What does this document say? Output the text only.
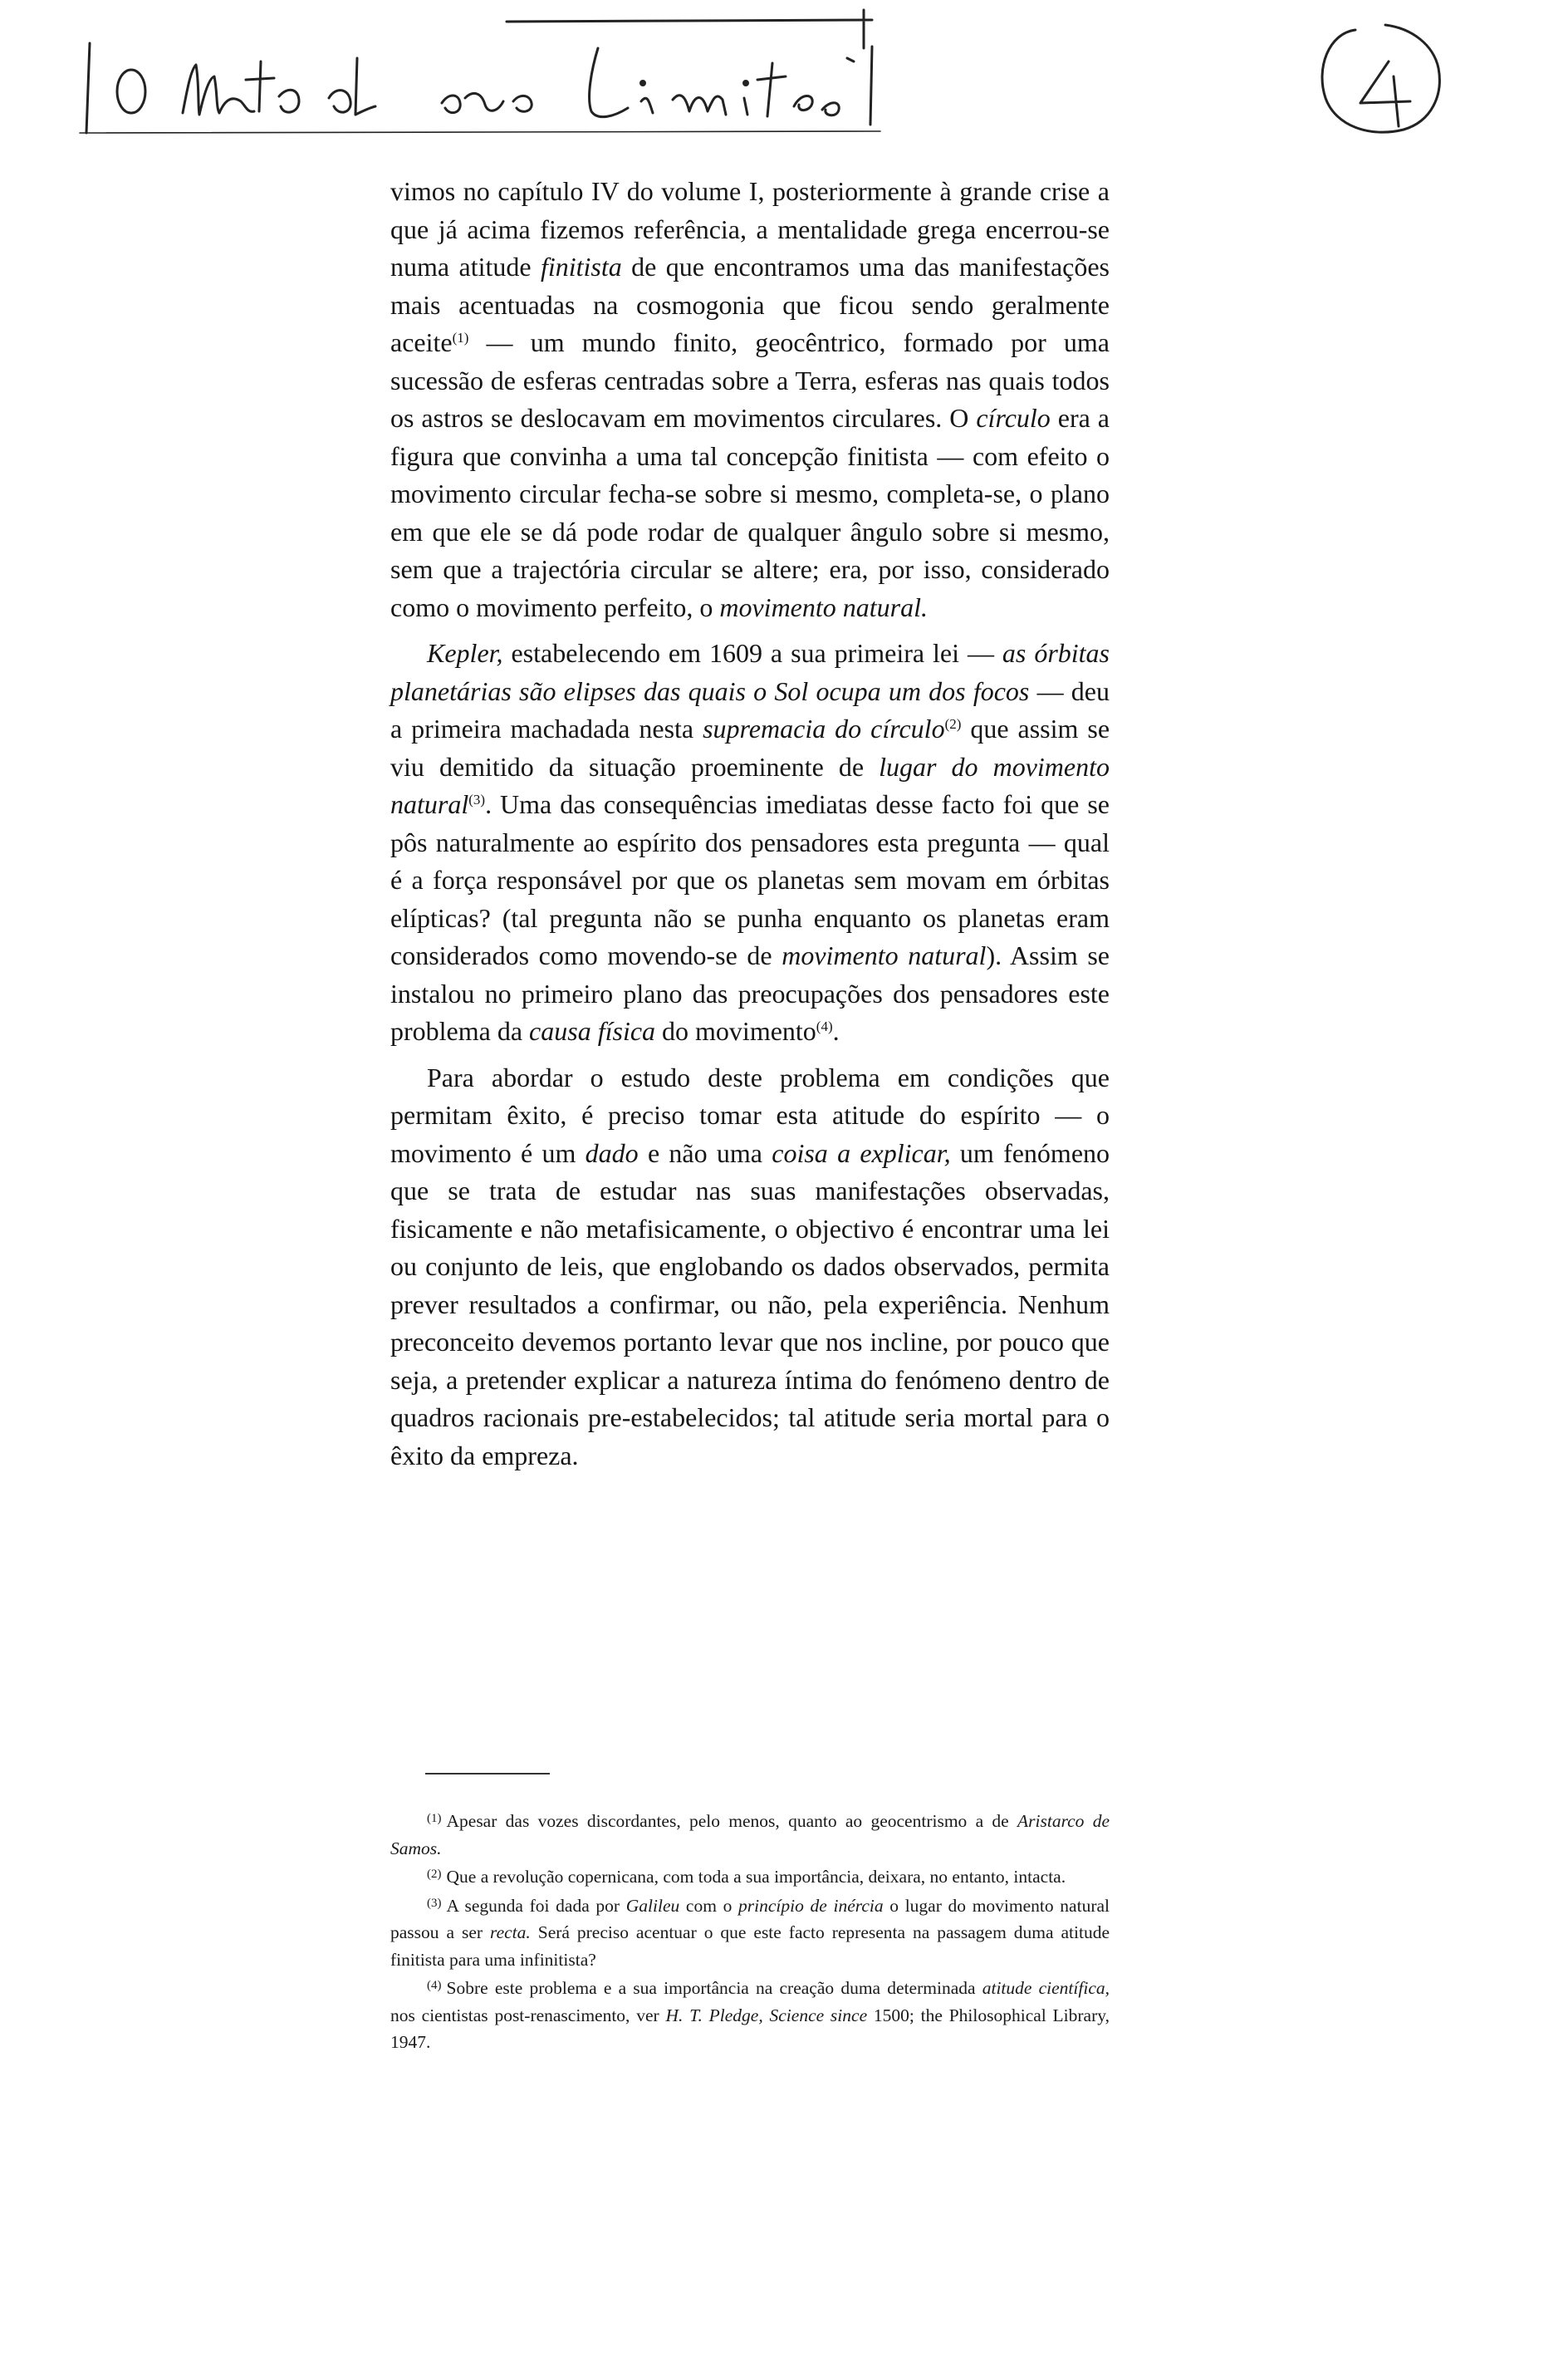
vimos no capítulo IV do volume I, posteriormente à grande crise a que já acima fizemos referência, a mentalidade grega encerrou-se numa atitude finitista de que encontramos uma das manifestações mais acentuadas na cosmogonia que ficou sendo geralmente aceite$^{(1)}$ — um mundo finito, geocêntrico, formado por uma sucessão de esferas centradas sobre a Terra, esferas nas quais todos os astros se deslocavam em movimentos circulares. O círculo era a figura que convinha a uma tal concepção finitista — com efeito o movimento circular fecha-se sobre si mesmo, completa-se, o plano em que ele se dá pode rodar de qualquer ângulo sobre si mesmo, sem que a trajectória circular se altere; era, por isso, considerado como o movimento perfeito, o movimento natural.

Kepler, estabelecendo em 1609 a sua primeira lei — as órbitas planetárias são elipses das quais o Sol ocupa um dos focos — deu a primeira machadada nesta supremacia do círculo$^{(2)}$ que assim se viu demitido da situação proeminente de lugar do movimento natural$^{(3)}$. Uma das consequências imediatas desse facto foi que se pôs naturalmente ao espírito dos pensadores esta pregunta — qual é a força responsável por que os planetas sem movam em órbitas elípticas? (tal pregunta não se punha enquanto os planetas eram considerados como movendo-se de movimento natural). Assim se instalou no primeiro plano das preocupações dos pensadores este problema da causa física do movimento$^{(4)}$.

Para abordar o estudo deste problema em condições que permitam êxito, é preciso tomar esta atitude do espírito — o movimento é um dado e não uma coisa a explicar, um fenómeno que se trata de estudar nas suas manifestações observadas, fisicamente e não metafisicamente, o objectivo é encontrar uma lei ou conjunto de leis, que englobando os dados observados, permita prever resultados a confirmar, ou não, pela experiência. Nenhum preconceito devemos portanto levar que nos incline, por pouco que seja, a pretender explicar a natureza íntima do fenómeno dentro de quadros racionais pre-estabelecidos; tal atitude seria mortal para o êxito da empreza.

$^{(1)}$ Apesar das vozes discordantes, pelo menos, quanto ao geocentrismo a de Aristarco de Samos.

$^{(2)}$ Que a revolução copernicana, com toda a sua importância, deixara, no entanto, intacta.

$^{(3)}$ A segunda foi dada por Galileu com o princípio de inércia o lugar do movimento natural passou a ser recta. Será preciso acentuar o que este facto representa na passagem duma atitude finitista para uma infinitista?

$^{(4)}$ Sobre este problema e a sua importância na creação duma determinada atitude científica, nos cientistas post-renascimento, ver H. T. Pledge, Science since 1500; the Philosophical Library, 1947.
